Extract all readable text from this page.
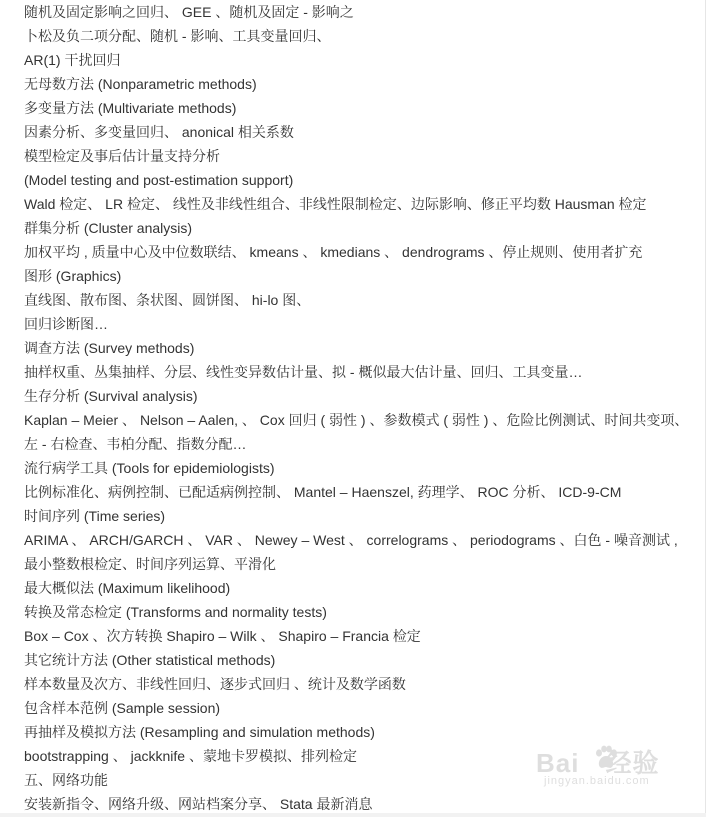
随机及固定影响之回归、 GEE 、随机及固定 - 影响之
卜松及负二项分配、随机 - 影响、工具变量回归、
AR(1) 干扰回归
无母数方法 (Nonparametric methods)
多变量方法 (Multivariate methods)
因素分析、多变量回归、 anonical 相关系数
模型检定及事后估计量支持分析
(Model testing and post-estimation support)
Wald 检定、 LR 检定、 线性及非线性组合、非线性限制检定、边际影响、修正平均数 Hausman 检定
群集分析 (Cluster analysis)
加权平均 , 质量中心及中位数联结、 kmeans 、 kmedians 、 dendrograms 、停止规则、使用者扩充
图形 (Graphics)
直线图、散布图、条状图、圆饼图、 hi-lo 图、
回归诊断图…
调查方法 (Survey methods)
抽样权重、丛集抽样、分层、线性变异数估计量、拟 - 概似最大估计量、回归、工具变量…
生存分析 (Survival analysis)
Kaplan – Meier 、 Nelson – Aalen, 、 Cox 回归 ( 弱性 ) 、参数模式 ( 弱性 ) 、危险比例测试、时间共变项、
左 - 右检查、韦柏分配、指数分配…
流行病学工具 (Tools for epidemiologists)
比例标准化、病例控制、已配适病例控制、 Mantel – Haenszel, 药理学、 ROC 分析、 ICD-9-CM
时间序列 (Time series)
ARIMA 、 ARCH/GARCH 、 VAR 、 Newey – West 、 correlograms 、 periodograms 、白色 - 噪音测试 ,
最小整数根检定、时间序列运算、平滑化
最大概似法 (Maximum likelihood)
转换及常态检定 (Transforms and normality tests)
Box – Cox 、次方转换 Shapiro – Wilk 、 Shapiro – Francia 检定
其它统计方法 (Other statistical methods)
样本数量及次方、非线性回归、逐步式回归 、统计及数学函数
包含样本范例 (Sample session)
再抽样及模拟方法 (Resampling and simulation methods)
bootstrapping 、 jackknife 、蒙地卡罗模拟、排列检定
五、网络功能
安装新指令、网络升级、网站档案分享、 Stata 最新消息
Bai 经验
jingyan.baidu.com
